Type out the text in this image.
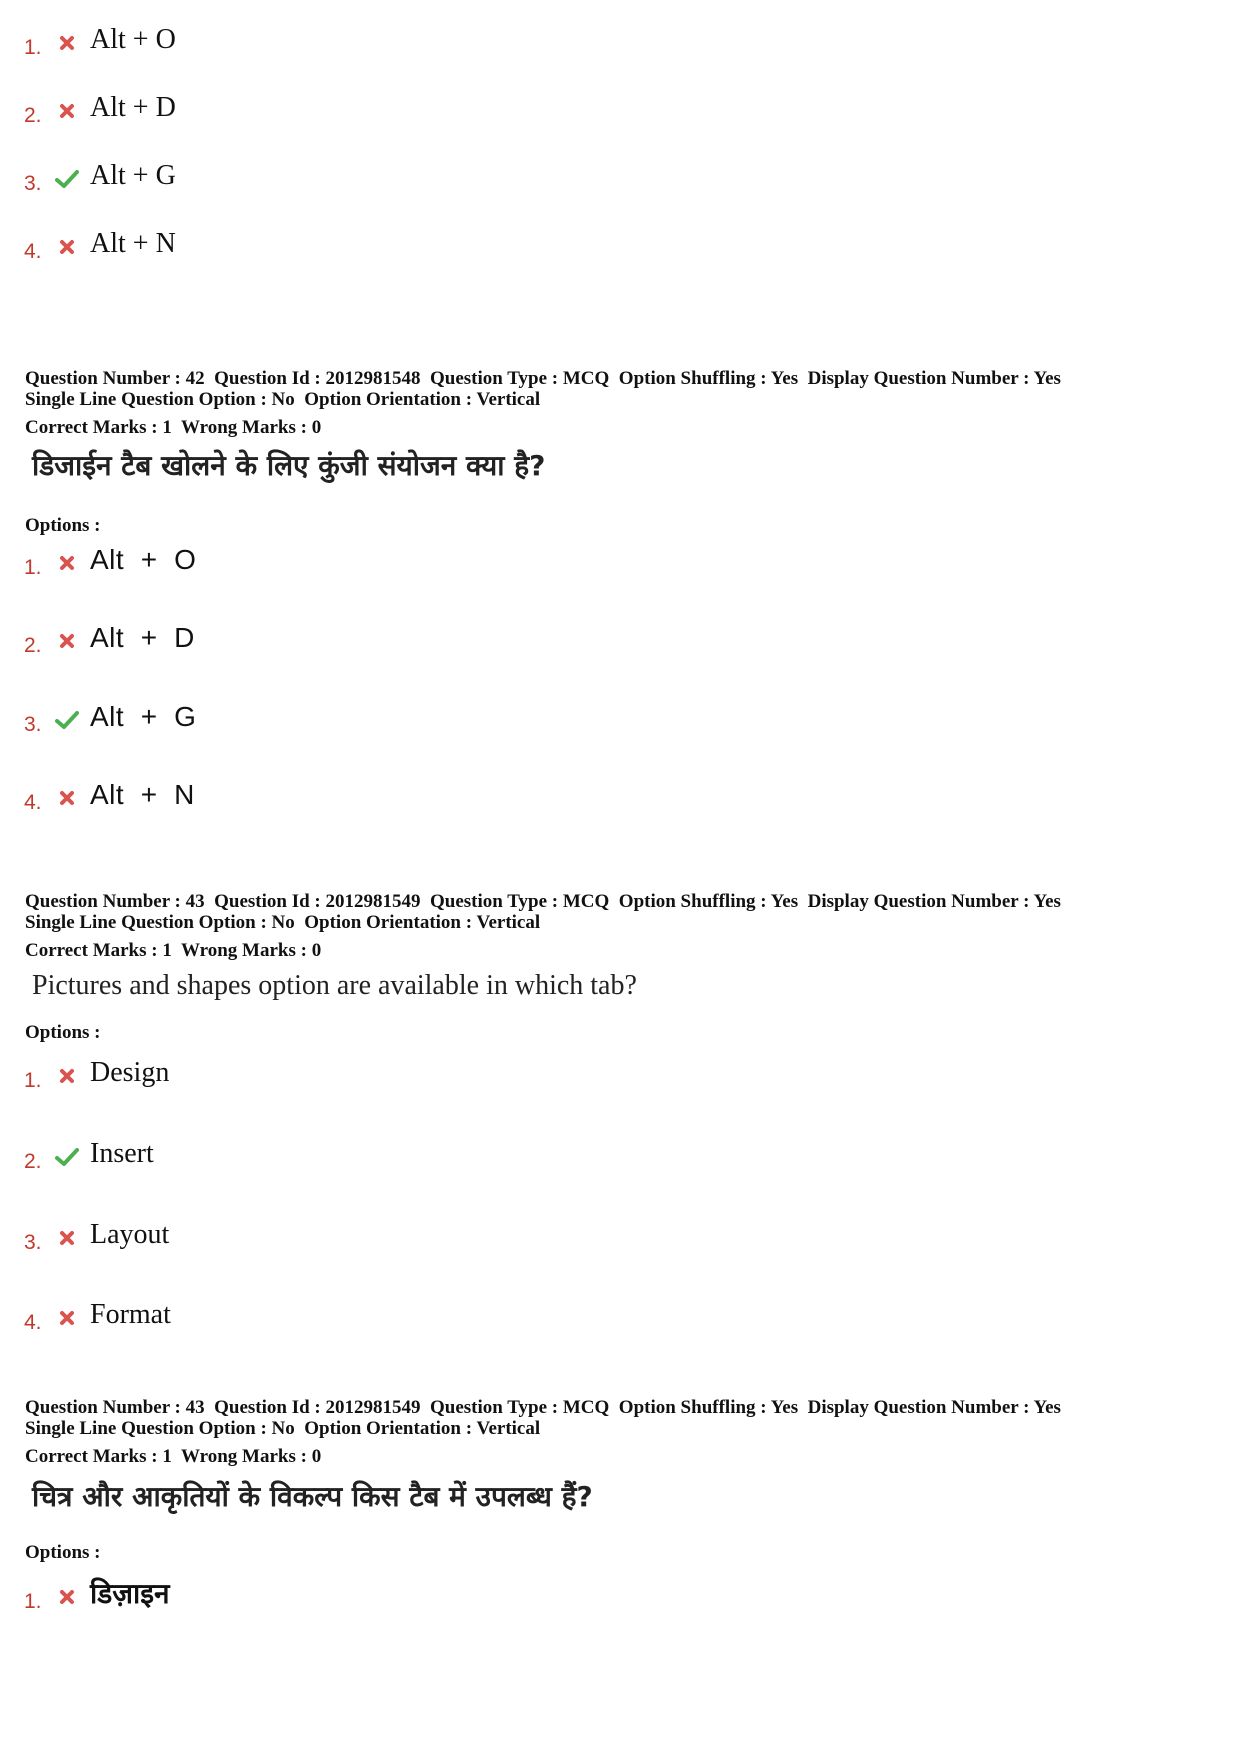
1.	Alt + O
2.	Alt + D
3.	Alt + G
4.	Alt + N
Question Number : 42  Question Id : 2012981548  Question Type : MCQ  Option Shuffling : Yes  Display Question Number : Yes
Single Line Question Option : No  Option Orientation : Vertical
Correct Marks : 1  Wrong Marks : 0
डिजाईन टैब खोलने के लिए कुंजी संयोजन क्या है?
Options :
1.	Alt  +  O
2.	Alt  +  D
3.	Alt  +  G
4.	Alt  +  N
Question Number : 43  Question Id : 2012981549  Question Type : MCQ  Option Shuffling : Yes  Display Question Number : Yes
Single Line Question Option : No  Option Orientation : Vertical
Correct Marks : 1  Wrong Marks : 0
Pictures and shapes option are available in which tab?
Options :
1.	Design
2.	Insert
3.	Layout
4.	Format
Question Number : 43  Question Id : 2012981549  Question Type : MCQ  Option Shuffling : Yes  Display Question Number : Yes
Single Line Question Option : No  Option Orientation : Vertical
Correct Marks : 1  Wrong Marks : 0
चित्र और आकृतियों के विकल्प किस टैब में उपलब्ध हैं?
Options :
1.	डिज़ाइन
